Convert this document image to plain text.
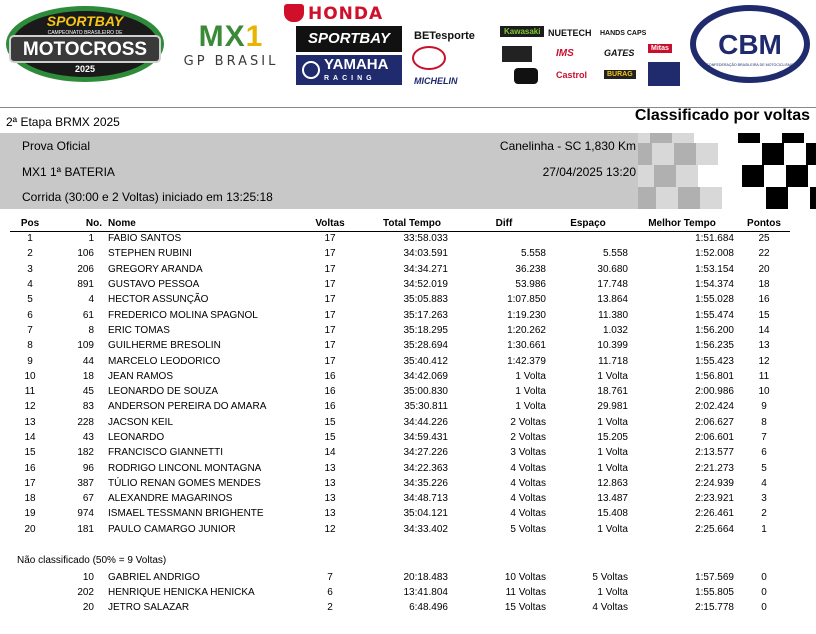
SPORTBAY
CAMPEONATO BRASILEIRO DE
MOTOCROSS
2025
MX1
GP BRASIL
HONDA
SPORTBAY
YAMAHA
RACING
BETesporte	Kawasaki NUETECH HANDS CAPS
Mitas
IMS	GATES
MICHELIN
Castrol	BURAG
CBM
CONFEDERAÇÃO BRASILEIRA DE MOTOCICLISMO
2ª Etapa BRMX 2025	Classificado por voltas
Prova Oficial
MX1 1ª BATERIA
Corrida (30:00 e 2 Voltas) iniciado em 13:25:18
Canelinha - SC 1,830 Km
27/04/2025 13:20
Pos	No.	Nome	Voltas	Total Tempo	Diff	Espaço	Melhor Tempo	Pontos
1	1	FABIO SANTOS	17	33:58.033			1:51.684	25
2	106	STEPHEN RUBINI	17	34:03.591	5.558	5.558	1:52.008	22
3	206	GREGORY ARANDA	17	34:34.271	36.238	30.680	1:53.154	20
4	891	GUSTAVO PESSOA	17	34:52.019	53.986	17.748	1:54.374	18
5	4	HECTOR ASSUNÇÃO	17	35:05.883	1:07.850	13.864	1:55.028	16
6	61	FREDERICO MOLINA SPAGNOL	17	35:17.263	1:19.230	11.380	1:55.474	15
7	8	ERIC TOMAS	17	35:18.295	1:20.262	1.032	1:56.200	14
8	109	GUILHERME BRESOLIN	17	35:28.694	1:30.661	10.399	1:56.235	13
9	44	MARCELO LEODORICO	17	35:40.412	1:42.379	11.718	1:55.423	12
10	18	JEAN RAMOS	16	34:42.069	1 Volta	1 Volta	1:56.801	11
11	45	LEONARDO DE SOUZA	16	35:00.830	1 Volta	18.761	2:00.986	10
12	83	ANDERSON PEREIRA DO AMARA	16	35:30.811	1 Volta	29.981	2:02.424	9
13	228	JACSON KEIL	15	34:44.226	2 Voltas	1 Volta	2:06.627	8
14	43	LEONARDO	15	34:59.431	2 Voltas	15.205	2:06.601	7
15	182	FRANCISCO GIANNETTI	14	34:27.226	3 Voltas	1 Volta	2:13.577	6
16	96	RODRIGO LINCONL MONTAGNA	13	34:22.363	4 Voltas	1 Volta	2:21.273	5
17	387	TÚLIO RENAN GOMES MENDES	13	34:35.226	4 Voltas	12.863	2:24.939	4
18	67	ALEXANDRE MAGARINOS	13	34:48.713	4 Voltas	13.487	2:23.921	3
19	974	ISMAEL TESSMANN BRIGHENTE	13	35:04.121	4 Voltas	15.408	2:26.461	2
20	181	PAULO CAMARGO JUNIOR	12	34:33.402	5 Voltas	1 Volta	2:25.664	1
Não classificado (50% = 9 Voltas)
	10	GABRIEL ANDRIGO	7	20:18.483	10 Voltas	5 Voltas	1:57.569	0
	202	HENRIQUE HENICKA HENICKA	6	13:41.804	11 Voltas	1 Volta	1:55.805	0
	20	JETRO SALAZAR	2	6:48.496	15 Voltas	4 Voltas	2:15.778	0
